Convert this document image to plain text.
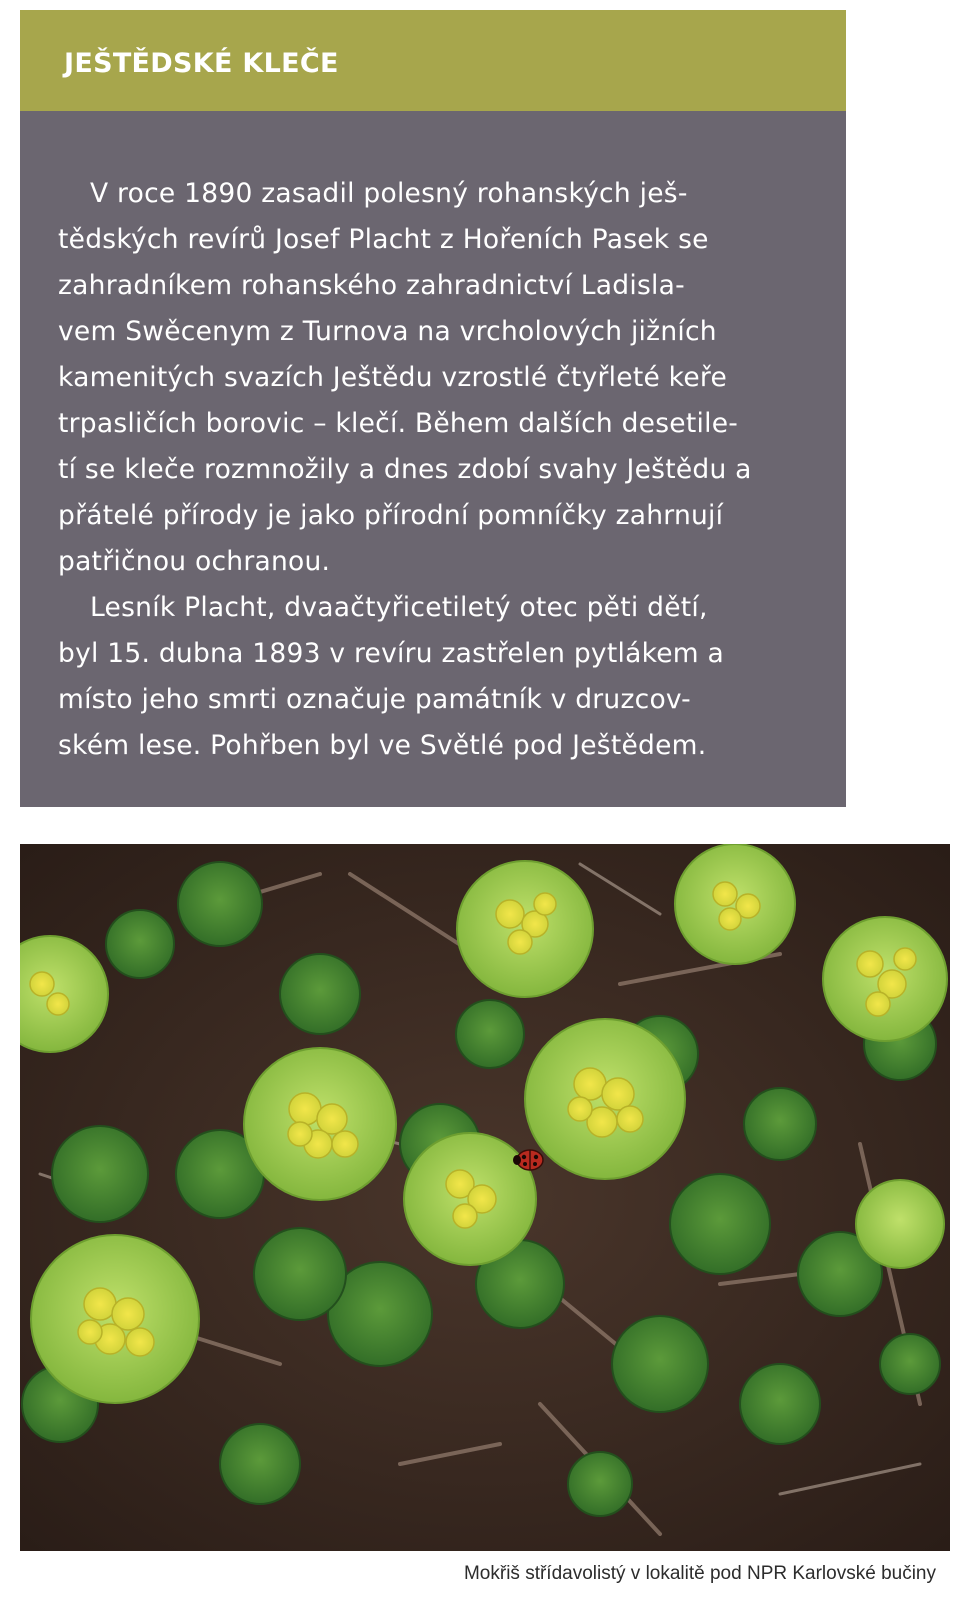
JEŠTĚDSKÉ KLEČE
V roce 1890 zasadil polesný rohanských ješ-
tědských revírů Josef Placht z Hořeních Pasek se
zahradníkem rohanského zahradnictví Ladisla-
vem Swěcenym z Turnova na vrcholových jižních
kamenitých svazích Ještědu vzrostlé čtyřleté keře
trpasličích borovic – klečí. Během dalších desetile-
tí se kleče rozmnožily a dnes zdobí svahy Ještědu a
přátelé přírody je jako přírodní pomníčky zahrnují
patřičnou ochranou.
Lesník Placht, dvaačtyřicetiletý otec pěti dětí,
byl 15. dubna 1893 v revíru zastřelen pytlákem a
místo jeho smrti označuje památník v druzcov-
ském lese. Pohřben byl ve Světlé pod Ještědem.
Mokřiš střídavolistý v lokalitě pod NPR Karlovské bučiny
